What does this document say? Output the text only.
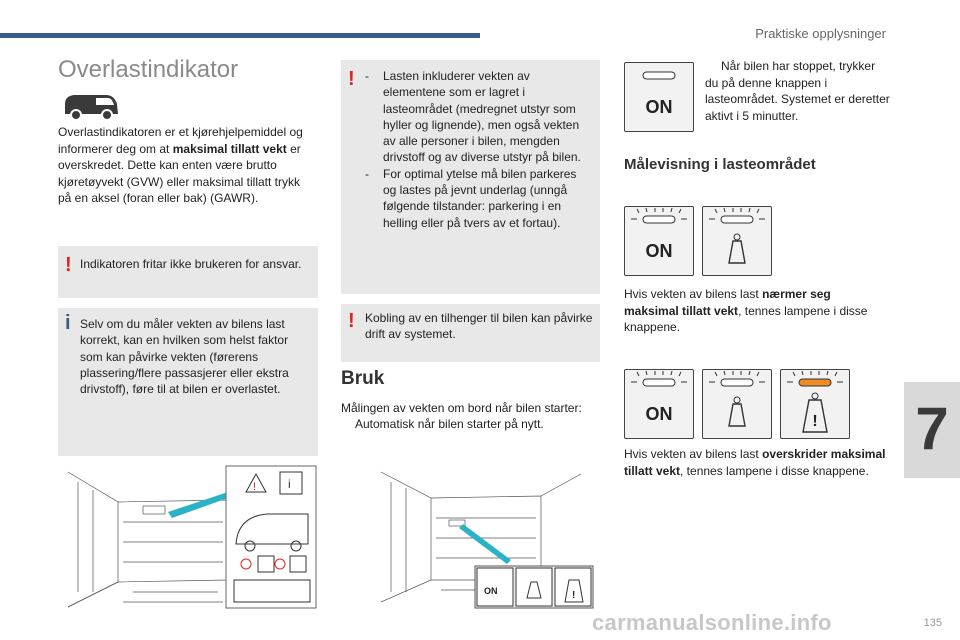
Praktiske opplysninger
7
Overlastindikator
Overlastindikatoren er et kjørehjelpemiddel og informerer deg om at maksimal tillatt vekt er overskredet. Dette kan enten være brutto kjøretøyvekt (GVW) eller maksimal tillatt trykk på en aksel (foran eller bak) (GAWR).
! Indikatoren fritar ikke brukeren for ansvar.
i Selv om du måler vekten av bilens last korrekt, kan en hvilken som helst faktor som kan påvirke vekten (førerens plassering/flere passasjerer eller ekstra drivstoff), føre til at bilen er overlastet.
!	i
!
-	Lasten inkluderer vekten av elementene som er lagret i lasteområdet (medregnet utstyr som hyller og lignende), men også vekten av alle personer i bilen, mengden drivstoff og av diverse utstyr på bilen.
- For optimal ytelse må bilen parkeres og lastes på jevnt underlag (unngå følgende tilstander: parkering i en helling eller på tvers av et fortau).
! Kobling av en tilhenger til bilen kan påvirke drift av systemet.
Bruk
Målingen av vekten om bord når bilen starter:
Automatisk når bilen starter på nytt.
ON	!
ON
Når bilen har stoppet, trykker du på denne knappen i lasteområdet. Systemet er deretter aktivt i 5 minutter.
Målevisning i lasteområdet
ON
Hvis vekten av bilens last nærmer seg maksimal tillatt vekt, tennes lampene i disse knappene.
ON	!
Hvis vekten av bilens last overskrider maksimal tillatt vekt, tennes lampene i disse knappene.
carmanualsonline.info	135
